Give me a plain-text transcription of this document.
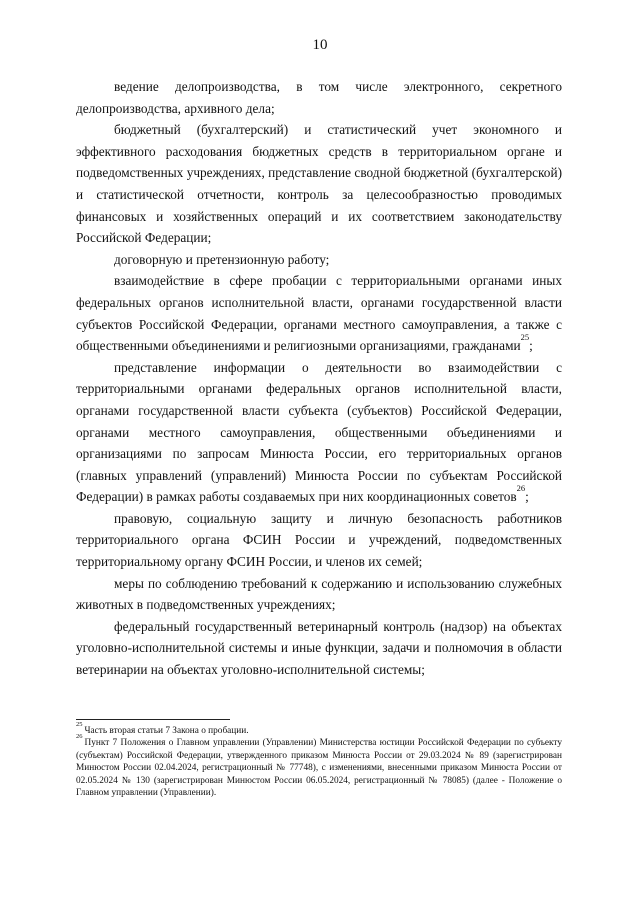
10

ведение делопроизводства, в том числе электронного, секретного делопроизводства, архивного дела;

бюджетный (бухгалтерский) и статистический учет экономного и эффективного расходования бюджетных средств в территориальном органе и подведомственных учреждениях, представление сводной бюджетной (бухгалтерской) и статистической отчетности, контроль за целесообразностью проводимых финансовых и хозяйственных операций и их соответствием законодательству Российской Федерации;

договорную и претензионную работу;

взаимодействие в сфере пробации с территориальными органами иных федеральных органов исполнительной власти, органами государственной власти субъектов Российской Федерации, органами местного самоуправления, а также с общественными объединениями и религиозными организациями, гражданами$^{25}$;

представление информации о деятельности во взаимодействии с территориальными органами федеральных органов исполнительной власти, органами государственной власти субъекта (субъектов) Российской Федерации, органами местного самоуправления, общественными объединениями и организациями по запросам Минюста России, его территориальных органов (главных управлений (управлений) Минюста России по субъектам Российской Федерации) в рамках работы создаваемых при них координационных советов$^{26}$;

правовую, социальную защиту и личную безопасность работников территориального органа ФСИН России и учреждений, подведомственных территориальному органу ФСИН России, и членов их семей;

меры по соблюдению требований к содержанию и использованию служебных животных в подведомственных учреждениях;

федеральный государственный ветеринарный контроль (надзор) на объектах уголовно-исполнительной системы и иные функции, задачи и полномочия в области ветеринарии на объектах уголовно-исполнительной системы;

$^{25}$Часть вторая статьи 7 Закона о пробации.

$^{26}$Пункт 7 Положения о Главном управлении (Управлении) Министерства юстиции Российской Федерации по субъекту (субъектам) Российской Федерации, утвержденного приказом Минюста России от 29.03.2024 № 89 (зарегистрирован Минюстом России 02.04.2024, регистрационный № 77748), с изменениями, внесенными приказом Минюста России от 02.05.2024 № 130 (зарегистрирован Минюстом России 06.05.2024, регистрационный № 78085) (далее - Положение о Главном управлении (Управлении).
